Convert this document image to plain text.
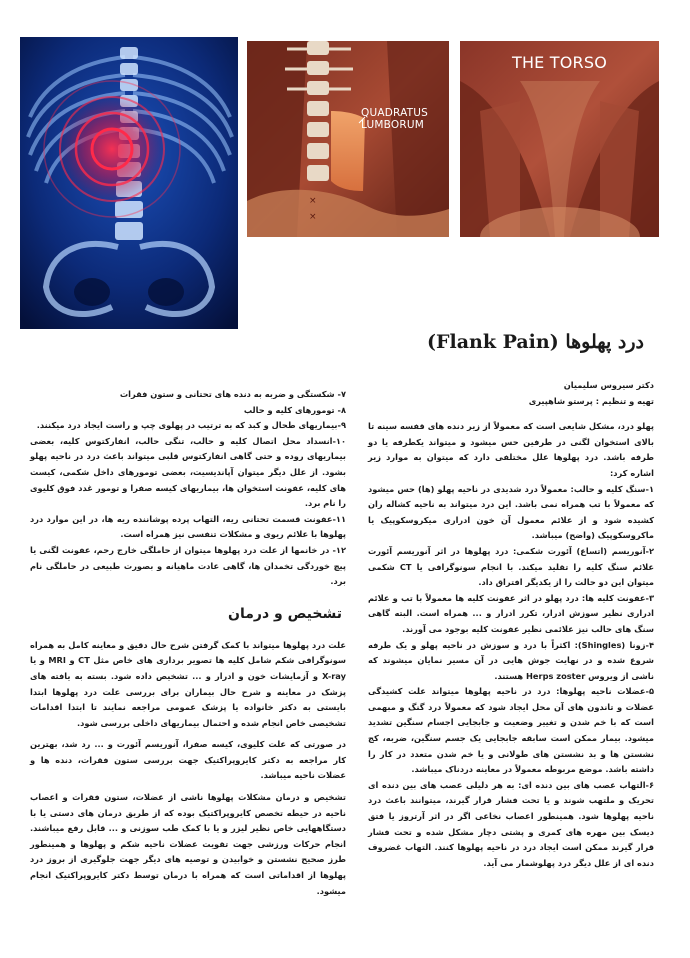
×
×
QUADRATUS
LUMBORUM
THE TORSO
درد پهلوها (Flank Pain)

دکتر سیروس سلیمیان

تهیه و تنظیم : پرستو شاهپیری

پهلو درد، مشکل شایعی است که معمولاً از زیر دنده های قفسه سینه تا بالای استخوان لگنی در طرفین حس میشود و میتواند یکطرفه یا دو طرفه باشد. درد پهلوها علل مختلفی دارد که میتوان به موارد زیر اشاره کرد:

۱-سنگ کلیه و حالب: معمولاً درد شدیدی در ناحیه پهلو (ها) حس میشود که معمولاً با تب همراه نمی باشد. این درد میتواند به ناحیه کشاله ران کشیده شود و از علائم معمول آن خون ادراری میکروسکوپیک یا ماکروسکوپیک (واضح) میباشد.

۲-آنوریسم (اتساع) آئورت شکمی: درد پهلوها در اثر آنوریسم آئورت علائم سنگ کلیه را تقلید میکند. با انجام سونوگرافی یا CT شکمی میتوان این دو حالت را از یکدیگر افتراق داد.

۳-عفونت کلیه ها: درد پهلو در اثر عفونت کلیه ها معمولاً با تب و علائم ادراری نظیر سوزش ادرار، تکرر ادرار و ... همراه است. البته گاهی سنگ های حالب نیز علائمی نظیر عفونت کلیه بوجود می آورند.

۴-زونا (Shingles): اکثراً با درد و سوزش در ناحیه پهلو و یک طرفه شروع شده و در نهایت جوش هایی در آن مسیر نمایان میشوند که ناشی از ویروس Herps zoster هستند.

۵-عضلات ناحیه پهلوها: درد در ناحیه پهلوها میتواند علت کشیدگی عضلات و تاندون های آن محل ایجاد شود که معمولاً درد گنگ و مبهمی است که با خم شدن و تغییر وضعیت و جابجایی اجسام سنگین تشدید میشود. بیمار ممکن است سابقه جابجایی یک جسم سنگین، ضربه، کج نشستن ها و بد نشستن های طولانی و یا خم شدن متعدد در کار را داشته باشد. موضع مربوطه معمولاً در معاینه دردناک میباشد.

۶-التهاب عصب های بین دنده ای: به هر دلیلی عصب های بین دنده ای تحریک و ملتهب شوند و یا تحت فشار قرار گیرند، میتوانند باعث درد ناحیه پهلوها شود. همینطور اعصاب نخاعی اگر در اثر آرتروز یا فتق دیسک بین مهره های کمری و پشتی دچار مشکل شده و تحت فشار قرار گیرند ممکن است ایجاد درد در ناحیه پهلوها کنند. التهاب غضروف دنده ای از علل دیگر درد پهلوشمار می آید.

۷- شکستگی و ضربه به دنده های تحتانی و ستون فقرات

۸- تومورهای کلیه و حالب

۹-بیماریهای طحال و کبد که به ترتیب در پهلوی چپ و راست ایجاد درد میکنند.

۱۰-انسداد محل اتصال کلیه و حالب، تنگی حالب، انفارکتوس کلیه، بعضی بیماریهای روده و حتی گاهی انفارکتوس قلبی میتواند باعث درد در ناحیه پهلو بشود. از علل دیگر میتوان آپاندیسیت، بعضی تومورهای داخل شکمی، کیست های کلیه، عفونت استخوان ها، بیماریهای کیسه صفرا و تومور غدد فوق کلیوی را نام برد.

۱۱-عفونت قسمت تحتانی ریه، التهاب پرده پوشاننده ریه ها، در این موارد درد پهلوها با علائم ریوی و مشکلات تنفسی نیز همراه است.

۱۲- در خانمها از علت درد پهلوها میتوان از حاملگی خارج رحم، عفونت لگنی یا پیچ خوردگی تخمدان ها، گاهی عادت ماهیانه و بصورت طبیعی در حاملگی نام برد.

تشخیص و درمان

علت درد پهلوها میتواند با کمک گرفتن شرح حال دقیق و معاینه کامل به همراه سونوگرافی شکم شامل کلیه ها تصویر برداری های خاص مثل CT و MRI و یا X-ray و آزمایشات خون و ادرار و ... تشخیص داده شود. بسته به یافته های پزشک در معاینه و شرح حال بیماران برای بررسی علت درد پهلوها ابتدا بایستی به دکتر خانواده یا پزشک عمومی مراجعه نمایند تا ابتدا اقدامات تشخیصی خاص انجام شده و احتمال بیماریهای داخلی بررسی شود.

در صورتی که علت کلیوی، کیسه صفرا، آنوریسم آئورت و ... رد شد، بهترین کار مراجعه به دکتر کایروپراکتیک جهت بررسی ستون فقرات، دنده ها و عضلات ناحیه میباشد.

تشخیص و درمان مشکلات پهلوها ناشی از عضلات، ستون فقرات و اعصاب ناحیه در حیطه تخصص کایروپراکتیک بوده که از طریق درمان های دستی یا با دستگاههایی خاص نظیر لیزر و یا با کمک طب سوزنی و ... قابل رفع میباشند. انجام حرکات ورزشی جهت تقویت عضلات ناحیه شکم و پهلوها و همینطور طرز صحیح نشستن و خوابیدن و توصیه های دیگر جهت جلوگیری از بروز درد پهلوها از اقداماتی است که همراه با درمان توسط دکتر کایروپراکتیک انجام میشود.
